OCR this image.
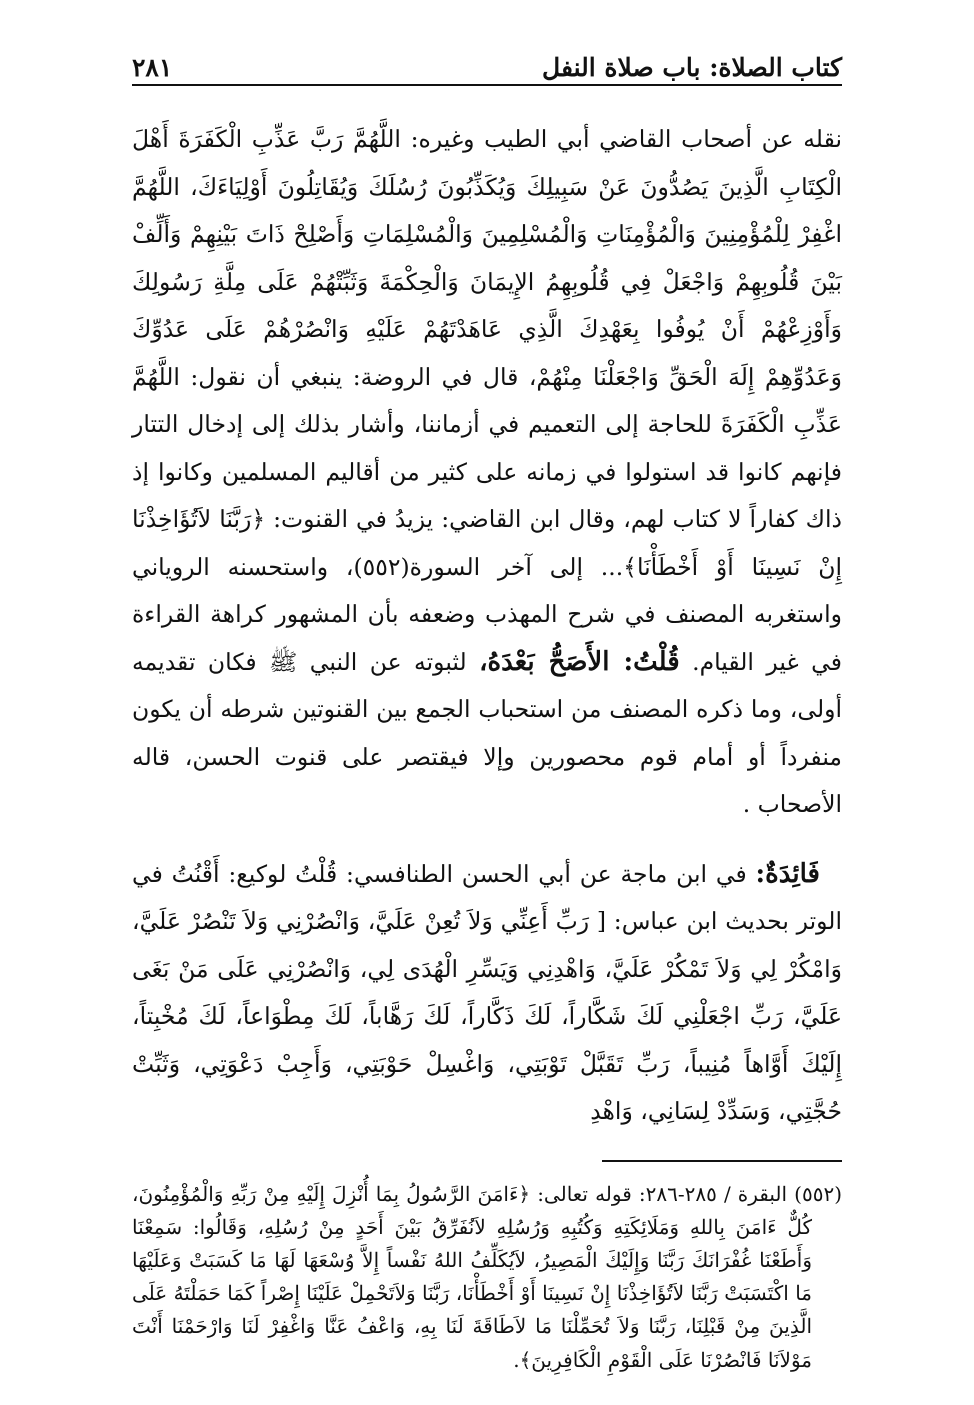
كتاب الصلاة: باب صلاة النفل
٢٨١

نقله عن أصحاب القاضي أبي الطيب وغيره: اللَّهُمَّ رَبَّ عَذِّبِ الْكَفَرَةَ أَهْلَ الْكِتَابِ الَّذِينَ يَصُدُّونَ عَنْ سَبِيلِكَ وَيُكَذِّبُونَ رُسُلَكَ وَيُقَاتِلُونَ أَوْلِيَاءَكَ، اللَّهُمَّ اغْفِرْ لِلْمُؤْمِنِينَ وَالْمُؤْمِنَاتِ وَالْمُسْلِمِينَ وَالْمُسْلِمَاتِ وَأَصْلِحْ ذَاتَ بَيْنِهِمْ وَأَلِّفْ بَيْنَ قُلُوبِهِمْ وَاجْعَلْ فِي قُلُوبِهِمُ الإِيمَانَ وَالْحِكْمَةَ وَثَبِّتْهُمْ عَلَى مِلَّةِ رَسُولِكَ وَأَوْزِعْهُمْ أَنْ يُوفُوا بِعَهْدِكَ الَّذِي عَاهَدْتَهُمْ عَلَيْهِ وَانْصُرْهُمْ عَلَى عَدُوِّكَ وَعَدُوِّهِمْ إِلَهَ الْحَقِّ وَاجْعَلْنَا مِنْهُمْ، قال في الروضة: ينبغي أن نقول: اللَّهُمَّ عَذِّبِ الْكَفَرَةَ للحاجة إلى التعميم في أزماننا، وأشار بذلك إلى إدخال التتار فإنهم كانوا قد استولوا في زمانه على كثير من أقاليم المسلمين وكانوا إذ ذاك كفاراً لا كتاب لهم، وقال ابن القاضي: يزيدُ في القنوت: ﴿رَبَّنَا لاَتُؤَاخِذْنَا إِنْ نَسِينَا أَوْ أَخْطَأْنَا﴾... إلى آخر السورة(٥٥٢)، واستحسنه الروياني واستغربه المصنف في شرح المهذب وضعفه بأن المشهور كراهة القراءة في غير القيام. قُلْتُ: الأَصَحُّ بَعْدَهُ، لثبوته عن النبي ﷺ فكان تقديمه أولى، وما ذكره المصنف من استحباب الجمع بين القنوتين شرطه أن يكون منفرداً أو أمام قوم محصورين وإلا فيقتصر على قنوت الحسن، قاله الأصحاب .

فَائِدَةٌ: في ابن ماجة عن أبي الحسن الطنافسي: قُلْتُ لوكيع: أَقْنُتُ في الوتر بحديث ابن عباس: [ رَبِّ أَعِنِّي وَلاَ تُعِنْ عَلَيَّ، وَانْصُرْنِي وَلاَ تَنْصُرْ عَلَيَّ، وَامْكُرْ لِي وَلاَ تَمْكُرْ عَلَيَّ، وَاهْدِنِي وَيَسِّرِ الْهُدَى لِي، وَانْصُرْنِي عَلَى مَنْ بَغَى عَلَيَّ، رَبِّ اجْعَلْنِي لَكَ شَكَّاراً، لَكَ ذَكَّاراً، لَكَ رَهَّاباً، لَكَ مِطْوَاعاً، لَكَ مُخْبِتاً، إِلَيْكَ أَوَّاهاً مُنِيباً، رَبِّ تَقَبَّلْ تَوْبَتِي، وَاغْسِلْ حَوْبَتِي، وَأَجِبْ دَعْوَتِي، وَثَبِّتْ حُجَّتِي، وَسَدِّدْ لِسَانِي، وَاهْدِ

(٥٥٢) البقرة / ٢٨٥-٢٨٦: قوله تعالى: ﴿ءَامَنَ الرَّسُولُ بِمَا أُنْزِلَ إِلَيْهِ مِنْ رَبِّهِ وَالْمُؤْمِنُونَ، كُلٌّ ءَامَنَ بِاللهِ وَمَلَائِكَتِهِ وَكُتُبِهِ وَرُسُلِهِ لاَنُفَرِّقُ بَيْنَ أَحَدٍ مِنْ رُسُلِهِ، وَقَالُوا: سَمِعْنَا وَأَطَعْنَا غُفْرَانَكَ رَبَّنَا وَإِلَيْكَ الْمَصِيرُ، لاَيُكَلِّفُ اللهُ نَفْساً إِلاَّ وُسْعَهَا لَهَا مَا كَسَبَتْ وَعَلَيْهَا مَا اكْتَسَبَتْ رَبَّنَا لاَتُؤَاخِذْنَا إِنْ نَسِينَا أَوْ أَخْطَأْنَا، رَبَّنَا وَلاَتَحْمِلْ عَلَيْنَا إِصْراً كَمَا حَمَلْتَهُ عَلَى الَّذِينَ مِنْ قَبْلِنَا، رَبَّنَا وَلاَ تُحَمِّلْنَا مَا لاَطَاقَةَ لَنَا بِهِ، وَاعْفُ عَنَّا وَاغْفِرْ لَنَا وَارْحَمْنَا أَنْتَ مَوْلاَنَا فَانْصُرْنَا عَلَى الْقَوْمِ الْكَافِرِينَ﴾.
